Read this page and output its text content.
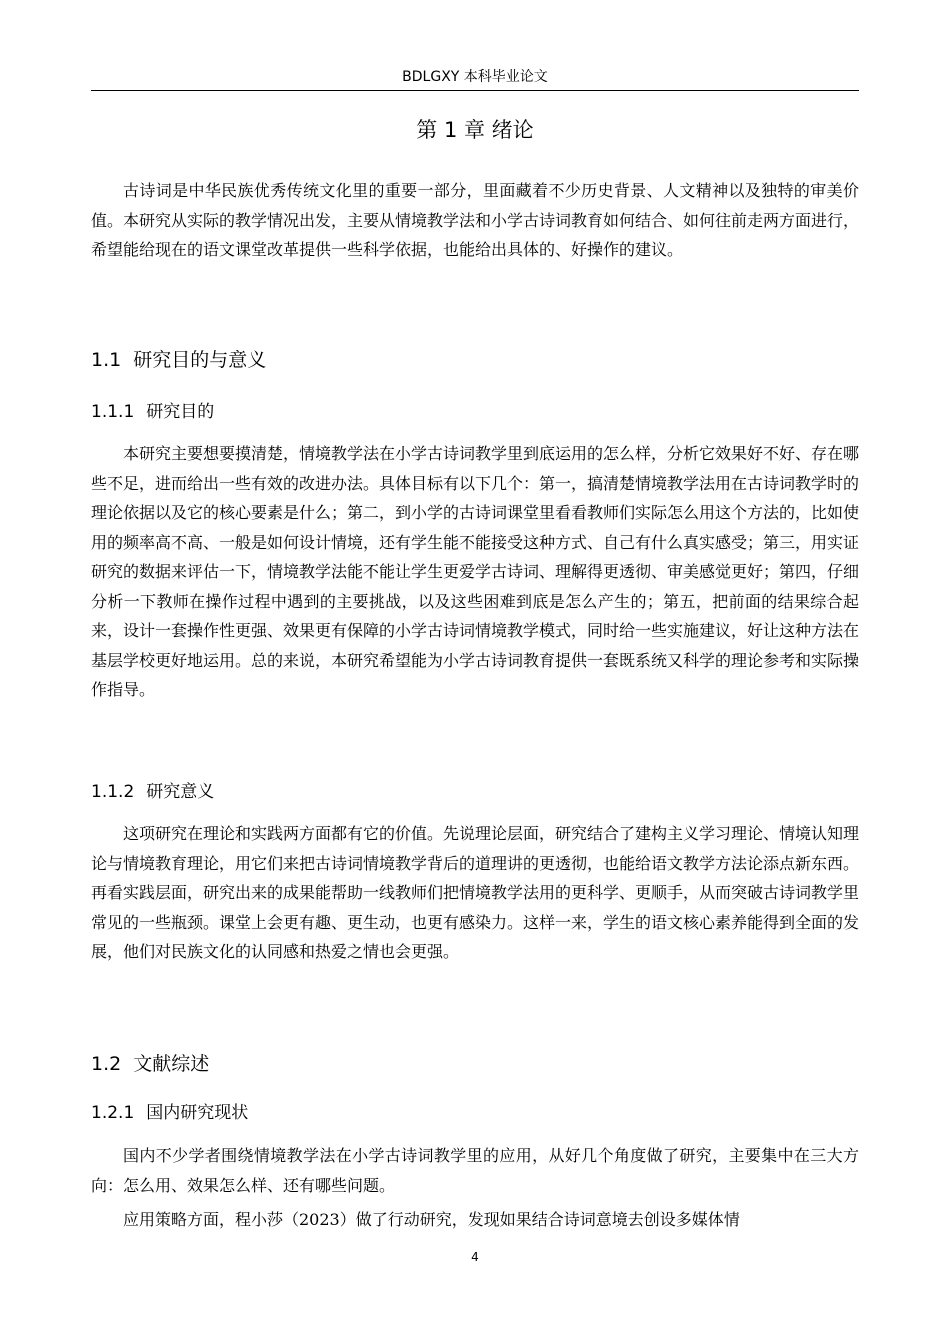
BDLGXY 本科毕业论文
第 1 章 绪论

古诗词是中华民族优秀传统文化里的重要一部分，里面藏着不少历史背景、人文精神以及独特的审美价值。本研究从实际的教学情况出发，主要从情境教学法和小学古诗词教育如何结合、如何往前走两方面进行，希望能给现在的语文课堂改革提供一些科学依据，也能给出具体的、好操作的建议。

1.1 研究目的与意义
1.1.1 研究目的

本研究主要想要摸清楚，情境教学法在小学古诗词教学里到底运用的怎么样，分析它效果好不好、存在哪些不足，进而给出一些有效的改进办法。具体目标有以下几个：第一，搞清楚情境教学法用在古诗词教学时的理论依据以及它的核心要素是什么；第二，到小学的古诗词课堂里看看教师们实际怎么用这个方法的，比如使用的频率高不高、一般是如何设计情境，还有学生能不能接受这种方式、自己有什么真实感受；第三，用实证研究的数据来评估一下，情境教学法能不能让学生更爱学古诗词、理解得更透彻、审美感觉更好；第四，仔细分析一下教师在操作过程中遇到的主要挑战，以及这些困难到底是怎么产生的；第五，把前面的结果综合起来，设计一套操作性更强、效果更有保障的小学古诗词情境教学模式，同时给一些实施建议，好让这种方法在基层学校更好地运用。总的来说，本研究希望能为小学古诗词教育提供一套既系统又科学的理论参考和实际操作指导。

1.1.2 研究意义

这项研究在理论和实践两方面都有它的价值。先说理论层面，研究结合了建构主义学习理论、情境认知理论与情境教育理论，用它们来把古诗词情境教学背后的道理讲的更透彻，也能给语文教学方法论添点新东西。再看实践层面，研究出来的成果能帮助一线教师们把情境教学法用的更科学、更顺手，从而突破古诗词教学里常见的一些瓶颈。课堂上会更有趣、更生动，也更有感染力。这样一来，学生的语文核心素养能得到全面的发展，他们对民族文化的认同感和热爱之情也会更强。

1.2 文献综述
1.2.1 国内研究现状

国内不少学者围绕情境教学法在小学古诗词教学里的应用，从好几个角度做了研究，主要集中在三大方向：怎么用、效果怎么样、还有哪些问题。

应用策略方面，程小莎（2023）做了行动研究，发现如果结合诗词意境去创设多媒体情

4
